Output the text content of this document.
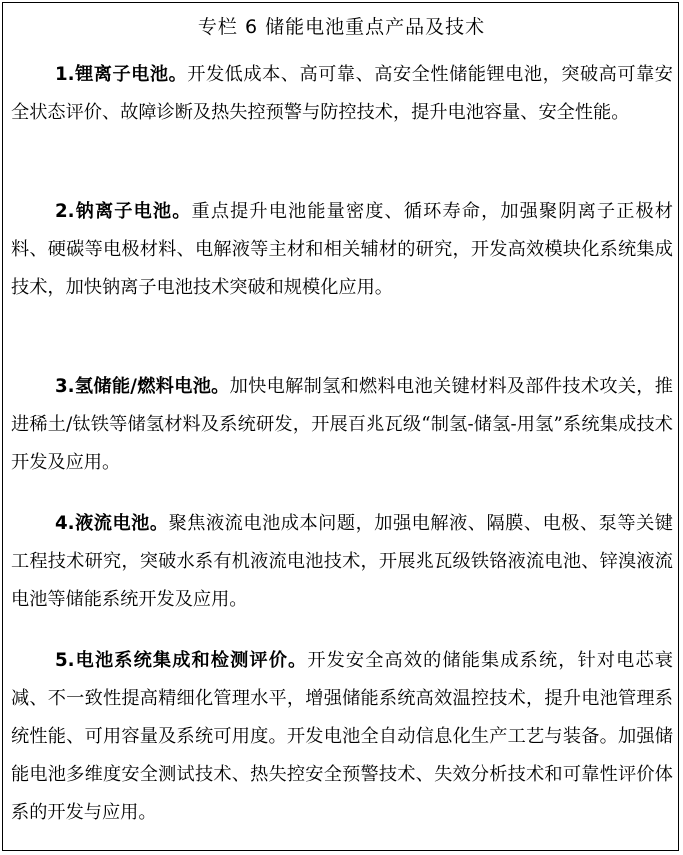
专栏 6 储能电池重点产品及技术

1.锂离子电池。开发低成本、高可靠、高安全性储能锂电池，突破高可靠安全状态评价、故障诊断及热失控预警与防控技术，提升电池容量、安全性能。

2.钠离子电池。重点提升电池能量密度、循环寿命，加强聚阴离子正极材料、硬碳等电极材料、电解液等主材和相关辅材的研究，开发高效模块化系统集成技术，加快钠离子电池技术突破和规模化应用。

3.氢储能/燃料电池。加快电解制氢和燃料电池关键材料及部件技术攻关，推进稀土/钛铁等储氢材料及系统研发，开展百兆瓦级“制氢-储氢-用氢”系统集成技术开发及应用。

4.液流电池。聚焦液流电池成本问题，加强电解液、隔膜、电极、泵等关键工程技术研究，突破水系有机液流电池技术，开展兆瓦级铁铬液流电池、锌溴液流电池等储能系统开发及应用。

5.电池系统集成和检测评价。开发安全高效的储能集成系统，针对电芯衰减、不一致性提高精细化管理水平，增强储能系统高效温控技术，提升电池管理系统性能、可用容量及系统可用度。开发电池全自动信息化生产工艺与装备。加强储能电池多维度安全测试技术、热失控安全预警技术、失效分析技术和可靠性评价体系的开发与应用。
